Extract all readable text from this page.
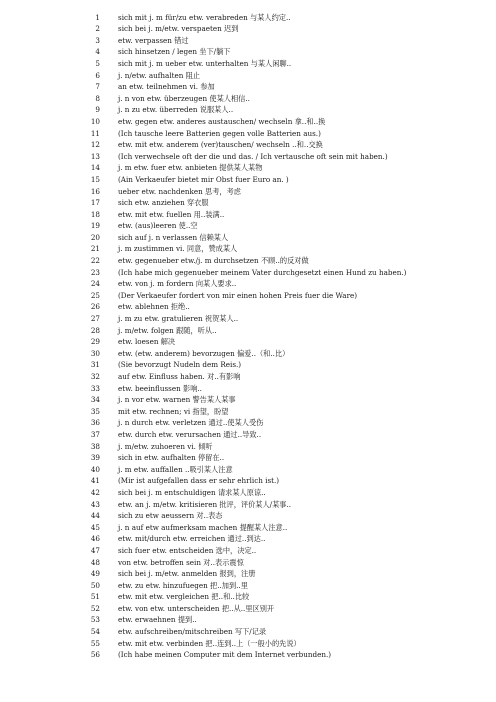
1	sich mit j. m für/zu etw. verabreden 与某人约定..
2	sich bei j. m/etw. verspaeten 迟到
3	etw. verpassen 错过
4	sich hinsetzen / legen 坐下/躺下
5	sich mit j. m ueber etw. unterhalten 与某人闲聊..
6	j. n/etw. aufhalten 阻止
7	an etw. teilnehmen vi. 参加
8	j. n von etw. überzeugen 使某人相信..
9	j. n zu etw. überreden 说服某人..
10	etw. gegen etw. anderes austauschen/ wechseln 拿..和..换
11	(Ich tausche leere Batterien gegen volle Batterien aus.)
12	etw. mit etw. anderem (ver)tauschen/ wechseln ..和..交换
13	(Ich verwechsele oft der die und das. / Ich vertausche oft sein mit haben.)
14	j. m etw. fuer etw. anbieten 提供某人某物
15	(Ain Verkaeufer bietet mir Obst fuer Euro an. )
16	ueber etw. nachdenken 思考，考虑
17	sich etw. anziehen 穿衣服
18	etw. mit etw. fuellen 用..装满..
19	etw. (aus)leeren 使..空
20	sich auf j. n verlassen 信赖某人
21	j. m zustimmen vi. 同意，赞成某人
22	etw. gegenueber etw./j. m durchsetzen 不顾..的反对做
23	(Ich habe mich gegenueber meinem Vater durchgesetzt einen Hund zu haben.)
24	etw. von j. m fordern 向某人要求..
25	(Der Verkaeufer fordert von mir einen hohen Preis fuer die Ware)
26	etw. ablehnen 拒绝..
27	j. m zu etw. gratulieren 祝贺某人..
28	j. m/etw. folgen 跟随，听从..
29	etw. loesen 解决
30	etw. (etw. anderem) bevorzugen 偏爱..（和..比）
31	(Sie bevorzugt Nudeln dem Reis.)
32	auf etw. Einfluss haben. 对..有影响
33	etw. beeinflussen 影响..
34	j. n vor etw. warnen 警告某人某事
35	mit etw. rechnen; vi 指望，盼望
36	j. n durch etw. verletzen 通过..使某人受伤
37	etw. durch etw. verursachen 通过..导致..
38	j. m/etw. zuhoeren vi. 倾听
39	sich in etw. aufhalten 停留在..
40	j. m etw. auffallen ..吸引某人注意
41	(Mir ist aufgefallen dass er sehr ehrlich ist.)
42	sich bei j. m entschuldigen 请求某人原谅..
43	etw. an j. m/etw. kritisieren 批评，评价某人/某事..
44	sich zu etw aeussern 对..表态
45	j. n auf etw aufmerksam machen 提醒某人注意..
46	etw. mit/durch etw. erreichen 通过..到达..
47	sich fuer etw. entscheiden 选中，决定..
48	von etw. betroffen sein 对..表示震惊
49	sich bei j. m/etw. anmelden 报到，注册
50	etw. zu etw. hinzufuegen 把..加到..里
51	etw. mit etw. vergleichen 把..和..比较
52	etw. von etw. unterscheiden 把..从..里区别开
53	etw. erwaehnen 提到..
54	etw. aufschreiben/mitschreiben 写下/记录
55	etw. mit etw. verbinden 把..连到..上（一般小的先说）
56	(Ich habe meinen Computer mit dem Internet verbunden.)
